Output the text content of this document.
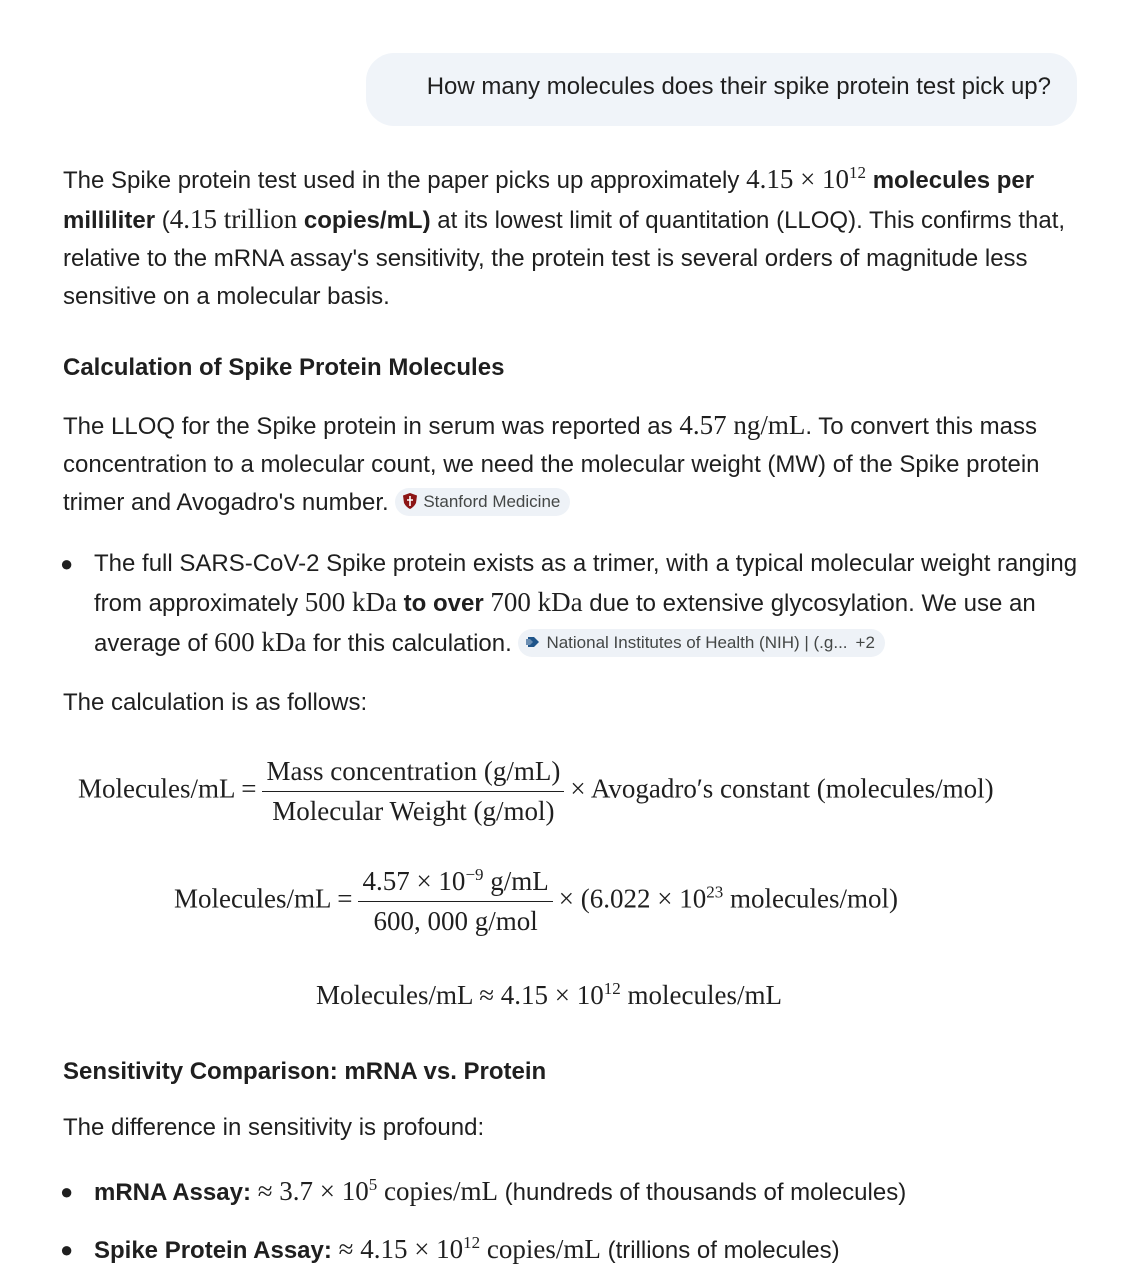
How many molecules does their spike protein test pick up?

The Spike protein test used in the paper picks up approximately $4.15 \times 10^{12}$ molecules per milliliter (4.15 trillion copies/mL) at its lowest limit of quantitation (LLOQ). This confirms that, relative to the mRNA assay's sensitivity, the protein test is several orders of magnitude less sensitive on a molecular basis.

Calculation of Spike Protein Molecules

The LLOQ for the Spike protein in serum was reported as 4.57 ng/mL. To convert this mass concentration to a molecular count, we need the molecular weight (MW) of the Spike protein trimer and Avogadro's number. Stanford Medicine

● The full SARS-CoV-2 Spike protein exists as a trimer, with a typical molecular weight ranging from approximately 500 kDa to over 700 kDa due to extensive glycosylation. We use an average of 600 kDa for this calculation. National Institutes of Health (NIH) | (.g... +2

The calculation is as follows:

Molecules/mL = $\frac{\text{Mass concentration (g/mL)}}{\text{Molecular Weight (g/mol)}}$ × Avogadro′s constant (molecules/mol)
Molecules/mL = $\frac{4.57 \times 10^{-9} g/mL}{\text{600, 000 g/mol}} \times (6.022 \times 10^{23}$ molecules/mol)
Molecules/mL ≈ $4.15 \times 10^{12}$ molecules/mL
Sensitivity Comparison: mRNA vs. Protein

The difference in sensitivity is profound:

● mRNA Assay: ≈ $3.7 \times 10^5$ copies/mL (hundreds of thousands of molecules)
● Spike Protein Assay: ≈ $4.15 \times 10^{12}$ copies/mL (trillions of molecules)
